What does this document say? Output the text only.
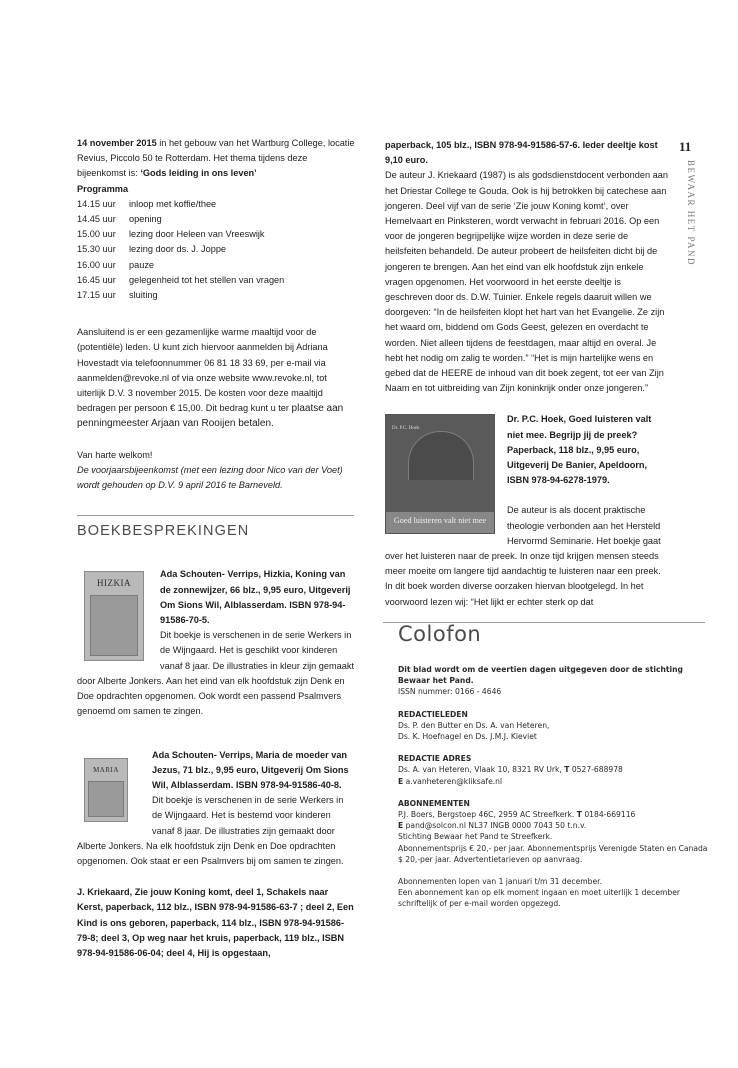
11
BEWAAR HET PAND

14 november 2015 in het gebouw van het Wartburg College, locatie Revius, Piccolo 50 te Rotterdam. Het thema tijdens deze bijeenkomst is: ‘Gods leiding in ons leven’

Programma

14.15 uur	inloop met koffie/thee
14.45 uur	opening
15.00 uur	lezing door Heleen van Vreeswijk
15.30 uur	lezing door ds. J. Joppe
16.00 uur	pauze
16.45 uur	gelegenheid tot het stellen van vragen
17.15 uur	sluiting

Aansluitend is er een gezamenlijke warme maaltijd voor de (potentiële) leden. U kunt zich hiervoor aanmelden bij Adriana Hovestadt via telefoonnummer 06 81 18 33 69, per e-mail via aanmelden@revoke.nl of via onze website www.revoke.nl, tot uiterlijk D.V. 3 november 2015. De kosten voor deze maaltijd bedragen per persoon € 15,00. Dit bedrag kunt u ter plaatse aan penningmeester Arjaan van Rooijen betalen.

Van harte welkom!

De voorjaarsbijeenkomst (met een lezing door Nico van der Voet) wordt gehouden op D.V. 9 april 2016 te Barneveld.

BOEKBESPREKINGEN
HIZKIA

Ada Schouten- Verrips, Hizkia, Koning van de zonnewijzer, 66 blz., 9,95 euro, Uitgeverij Om Sions Wil, Alblasserdam. ISBN 978-94-91586-70-5.

Dit boekje is verschenen in de serie Werkers in de Wijngaard. Het is geschikt voor kinderen vanaf 8 jaar. De illustraties in kleur zijn gemaakt door Alberte Jonkers. Aan het eind van elk hoofdstuk zijn Denk en Doe opdrachten opgenomen. Ook wordt een passend Psalmvers genoemd om samen te zingen.

MARIA

Ada Schouten- Verrips, Maria de moeder van Jezus, 71 blz., 9,95 euro, Uitgeverij Om Sions Wil, Alblasserdam. ISBN 978-94-91586-40-8.

Dit boekje is verschenen in de serie Werkers in de Wijngaard. Het is bestemd voor kinderen vanaf 8 jaar. De illustraties zijn gemaakt door Alberte Jonkers. Na elk hoofdstuk zijn Denk en Doe opdrachten opgenomen. Ook staat er een Psalmvers bij om samen te zingen.

J. Kriekaard, Zie jouw Koning komt, deel 1, Schakels naar Kerst, paperback, 112 blz., ISBN 978-94-91586-63-7 ; deel 2, Een Kind is ons geboren, paperback, 114 blz., ISBN 978-94-91586-79-8; deel 3, Op weg naar het kruis, paperback, 119 blz., ISBN 978-94-91586-06-04; deel 4, Hij is opgestaan,

paperback, 105 blz., ISBN 978-94-91586-57-6. Ieder deeltje kost 9,10 euro.

De auteur J. Kriekaard (1987) is als godsdienstdocent verbonden aan het Driestar College te Gouda. Ook is hij betrokken bij catechese aan jongeren. Deel vijf van de serie ‘Zie jouw Koning komt’, over Hemelvaart en Pinksteren, wordt verwacht in februari 2016. Op een voor de jongeren begrijpelijke wijze worden in deze serie de heilsfeiten behandeld. De auteur probeert de heilsfeiten dicht bij de jongeren te brengen. Aan het eind van elk hoofdstuk zijn enkele vragen opgenomen. Het voorwoord in het eerste deeltje is geschreven door ds. D.W. Tuinier. Enkele regels daaruit willen we doorgeven: “In de heilsfeiten klopt het hart van het Evangelie. Ze zijn het waard om, biddend om Gods Geest, gelezen en overdacht te worden. Niet alleen tijdens de feestdagen, maar altijd en overal. Je hebt het nodig om zalig te worden.” “Het is mijn hartelijke wens en gebed dat de HEERE de inhoud van dit boek zegent, tot eer van Zijn Naam en tot uitbreiding van Zijn koninkrijk onder onze jongeren.”

Dr. P.C. Hoek
Goed luisteren valt niet mee

Dr. P.C. Hoek, Goed luisteren valt niet mee. Begrijp jij de preek? Paperback, 118 blz., 9,95 euro, Uitgeverij De Banier, Apeldoorn, ISBN 978-94-6278-1979.

De auteur is als docent praktische theologie verbonden aan het Hersteld Hervormd Seminarie. Het boekje gaat over het luisteren naar de preek. In onze tijd krijgen mensen steeds meer moeite om langere tijd aandachtig te luisteren naar een preek. In dit boek worden diverse oorzaken hiervan blootgelegd. In het voorwoord lezen wij: “Het lijkt er echter sterk op dat

Colofon

Dit blad wordt om de veertien dagen uitgegeven door de stichting Bewaar het Pand.

ISSN nummer: 0166 - 4646

REDACTIELEDEN

Ds. P. den Butter en Ds. A. van Heteren,

Ds. K. Hoefnagel en Ds. J.M.J. Kieviet

REDACTIE ADRES

Ds. A. van Heteren, Vlaak 10, 8321 RV Urk, T 0527-688978

E a.vanheteren@kliksafe.nl

ABONNEMENTEN

P.J. Boers, Bergstoep 46C, 2959 AC Streefkerk. T 0184-669116

E pand@solcon.nl NL37 INGB 0000 7043 50 t.n.v.

Stichting Bewaar het Pand te Streefkerk.

Abonnementsprijs € 20,- per jaar. Abonnementsprijs Verenigde Staten en Canada $ 20,-per jaar. Advertentietarieven op aanvraag.

Abonnementen lopen van 1 januari t/m 31 december.

Een abonnement kan op elk moment ingaan en moet uiterlijk 1 december schriftelijk of per e-mail worden opgezegd.
